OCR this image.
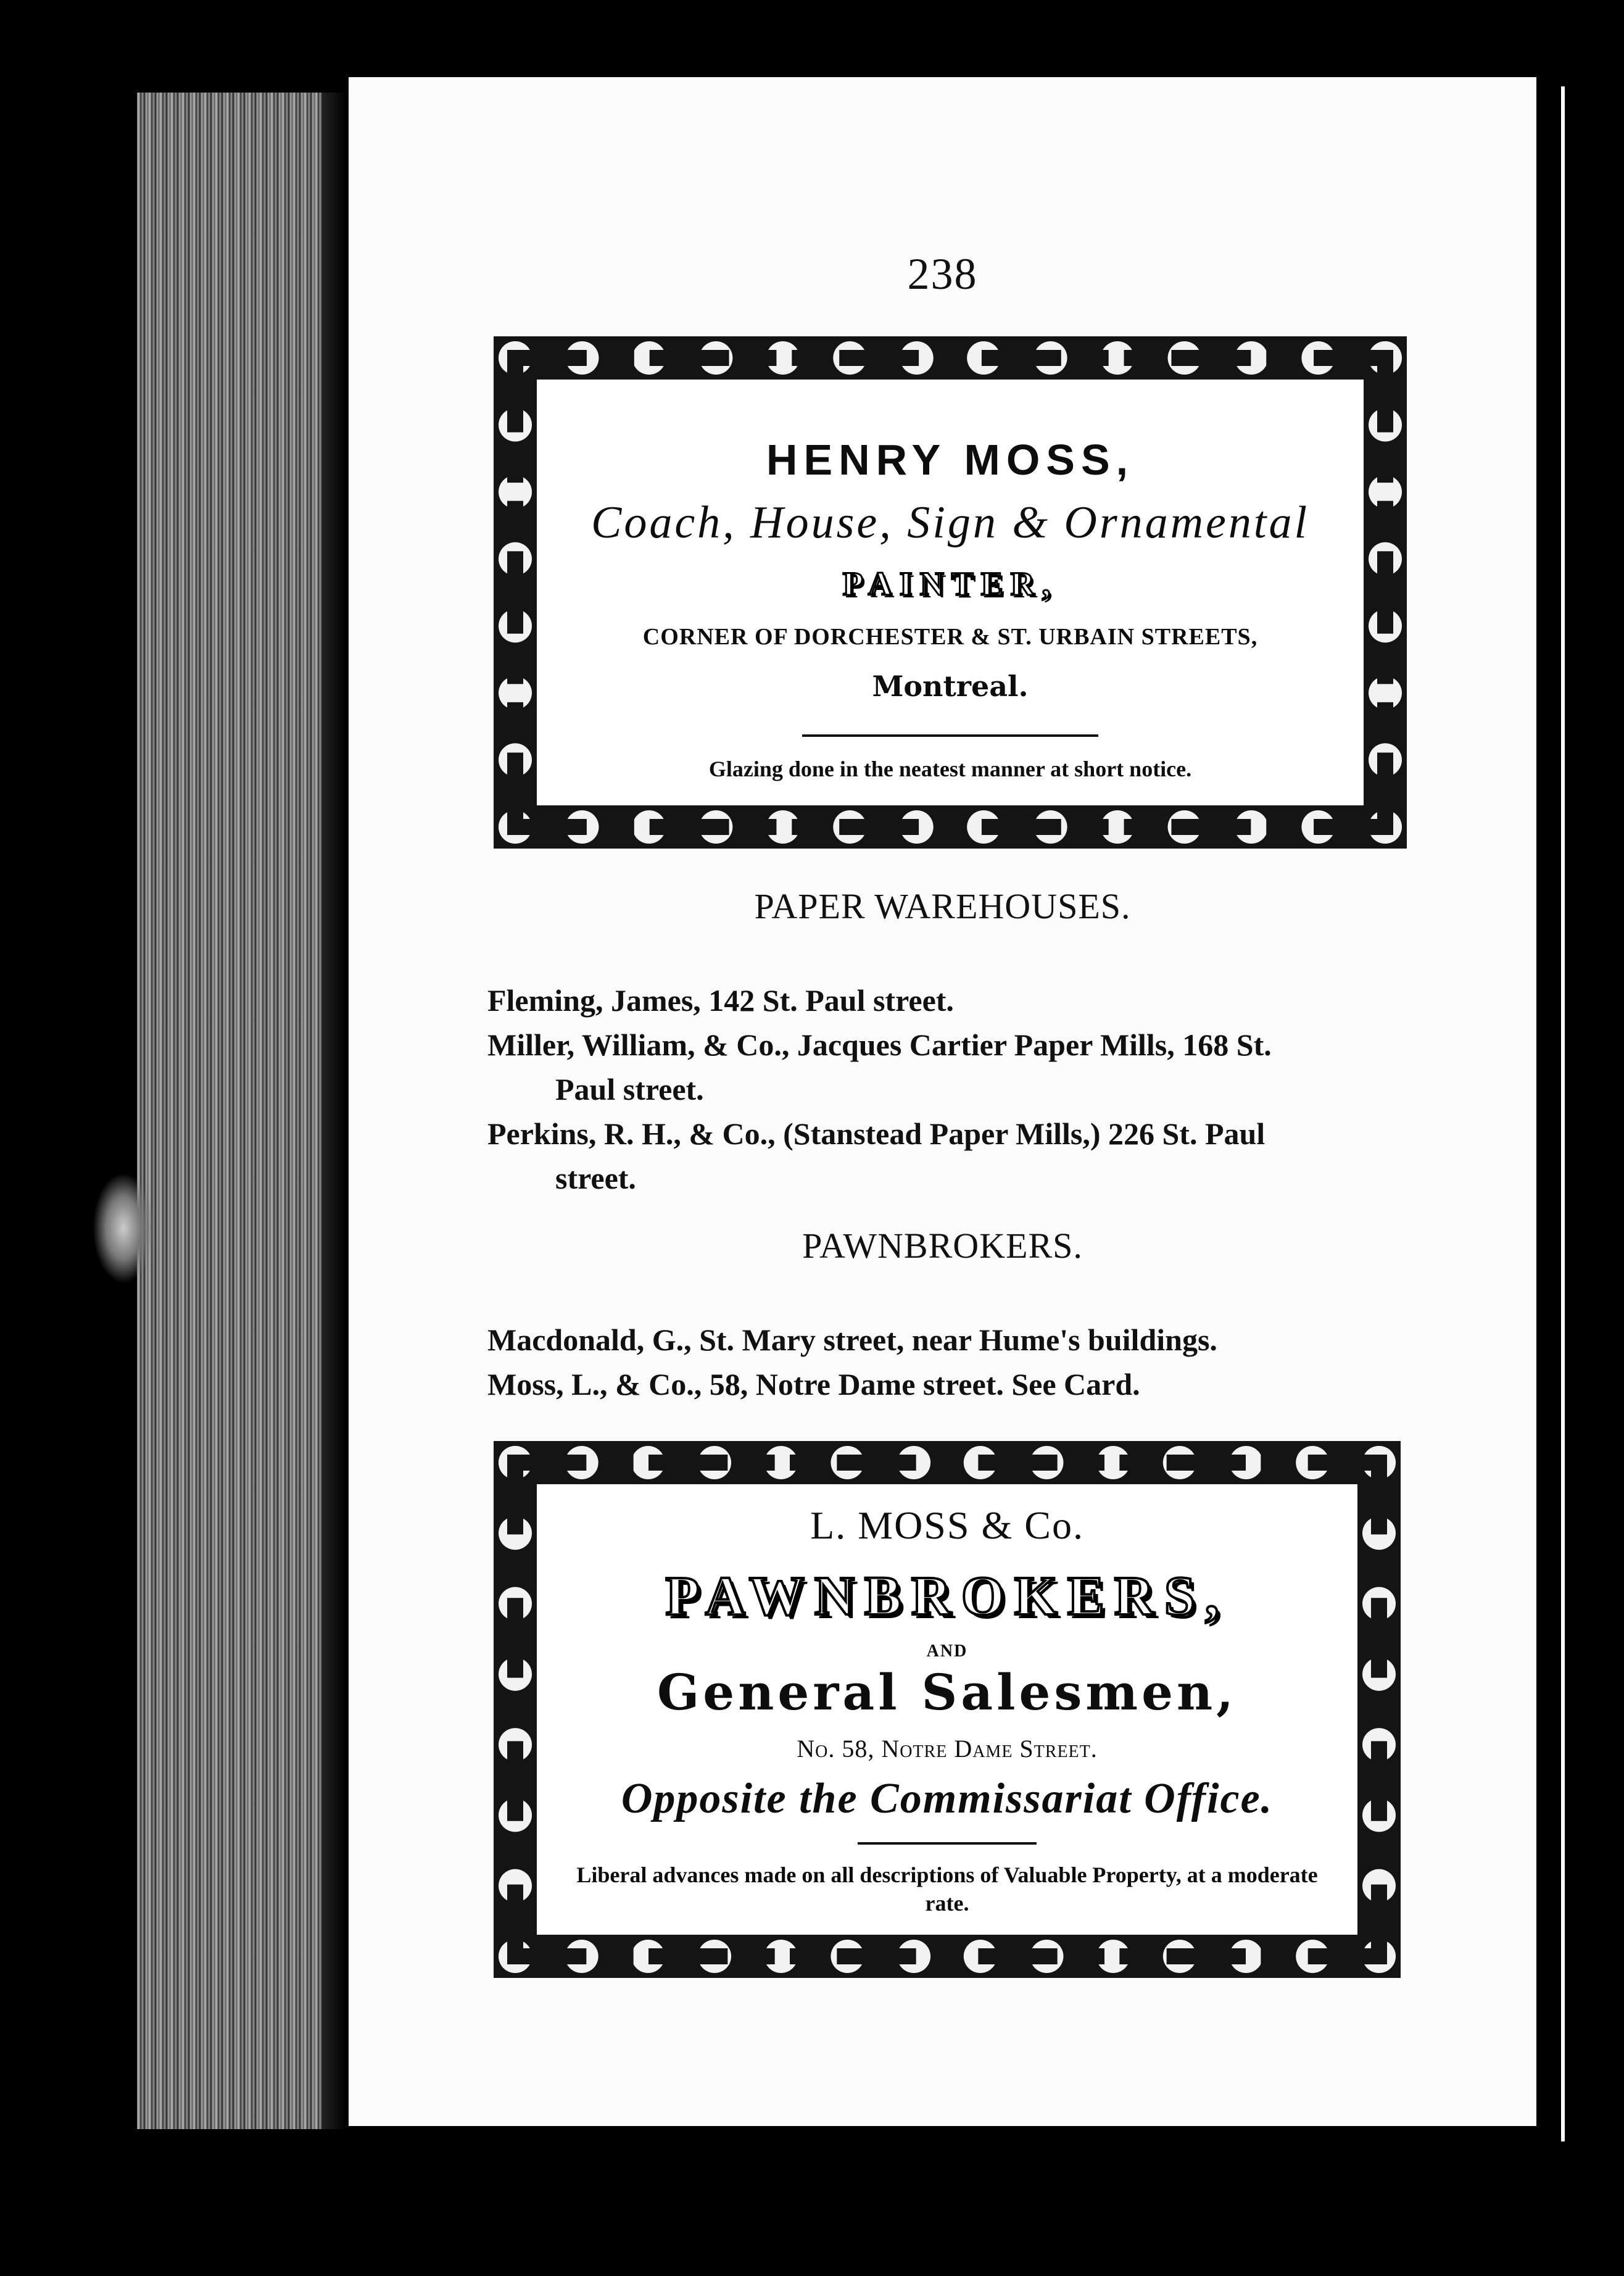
238
HENRY MOSS,
Coach, House, Sign & Ornamental
PAINTER,
CORNER OF DORCHESTER & ST. URBAIN STREETS,
Montreal.
Glazing done in the neatest manner at short notice.
PAPER WAREHOUSES.

Fleming, James, 142 St. Paul street.

Miller, William, & Co., Jacques Cartier Paper Mills, 168 St.
Paul street.

Perkins, R. H., & Co., (Stanstead Paper Mills,) 226 St. Paul
street.

PAWNBROKERS.

Macdonald, G., St. Mary street, near Hume's buildings.

Moss, L., & Co., 58, Notre Dame street. See Card.

L. MOSS & Co.
PAWNBROKERS,
AND
General Salesmen,
No. 58, Notre Dame Street.
Opposite the Commissariat Office.
Liberal advances made on all descriptions of Valuable Property, at a moderate rate.
